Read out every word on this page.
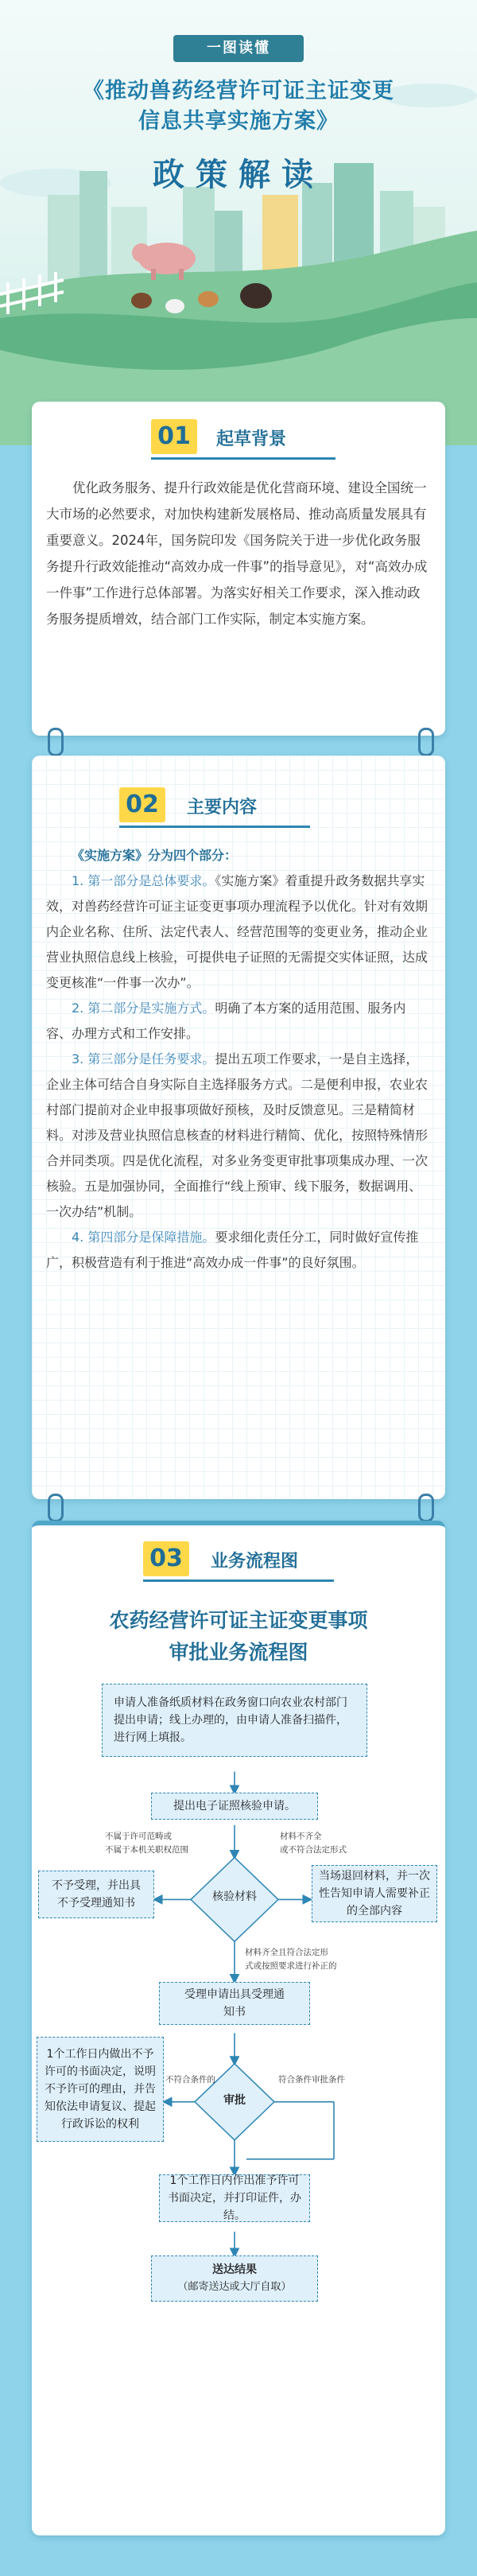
一图读懂
《推动兽药经营许可证主证变更
信息共享实施方案》
政策解读
01	起草背景

优化政务服务、提升行政效能是优化营商环境、建设全国统一大市场的必然要求，对加快构建新发展格局、推动高质量发展具有重要意义。2024年，国务院印发《国务院关于进一步优化政务服务提升行政效能推动“高效办成一件事”的指导意见》，对“高效办成一件事”工作进行总体部署。为落实好相关工作要求，深入推动政务服务提质增效，结合部门工作实际，制定本实施方案。

02	主要内容

《实施方案》分为四个部分：

1. 第一部分是总体要求。《实施方案》着重提升政务数据共享实效，对兽药经营许可证主证变更事项办理流程予以优化。针对有效期内企业名称、住所、法定代表人、经营范围等的变更业务，推动企业营业执照信息线上核验，可提供电子证照的无需提交实体证照，达成变更核准“一件事一次办”。

2. 第二部分是实施方式。明确了本方案的适用范围、服务内容、办理方式和工作安排。

3. 第三部分是任务要求。提出五项工作要求，一是自主选择，企业主体可结合自身实际自主选择服务方式。二是便利申报，农业农村部门提前对企业申报事项做好预核，及时反馈意见。三是精简材料。对涉及营业执照信息核查的材料进行精简、优化，按照特殊情形合并同类项。四是优化流程，对多业务变更审批事项集成办理、一次核验。五是加强协同，全面推行“线上预审、线下服务，数据调用、一次办结”机制。

4. 第四部分是保障措施。要求细化责任分工，同时做好宣传推广，积极营造有利于推进“高效办成一件事”的良好氛围。

03	业务流程图
农药经营许可证主证变更事项
审批业务流程图
申请人准备纸质材料在政务窗口向农业农村部门提出申请；线上办理的，由申请人准备扫描件，进行网上填报。
提出电子证照核验申请。
核验材料
不予受理，并出具不予受理通知书
当场退回材料，并一次性告知申请人需要补正的全部内容
不属于许可范畴或
不属于本机关职权范围
材料不齐全
或不符合法定形式
材料齐全且符合法定形
式或按照要求进行补正的
受理申请出具受理通知书
审批
不符合条件的	符合条件审批条件
1个工作日内做出不予许可的书面决定，说明不予许可的理由，并告知依法申请复议、提起行政诉讼的权利
1个工作日内作出准予许可书面决定，并打印证件，办结。
送达结果
（邮寄送达或大厅自取）
